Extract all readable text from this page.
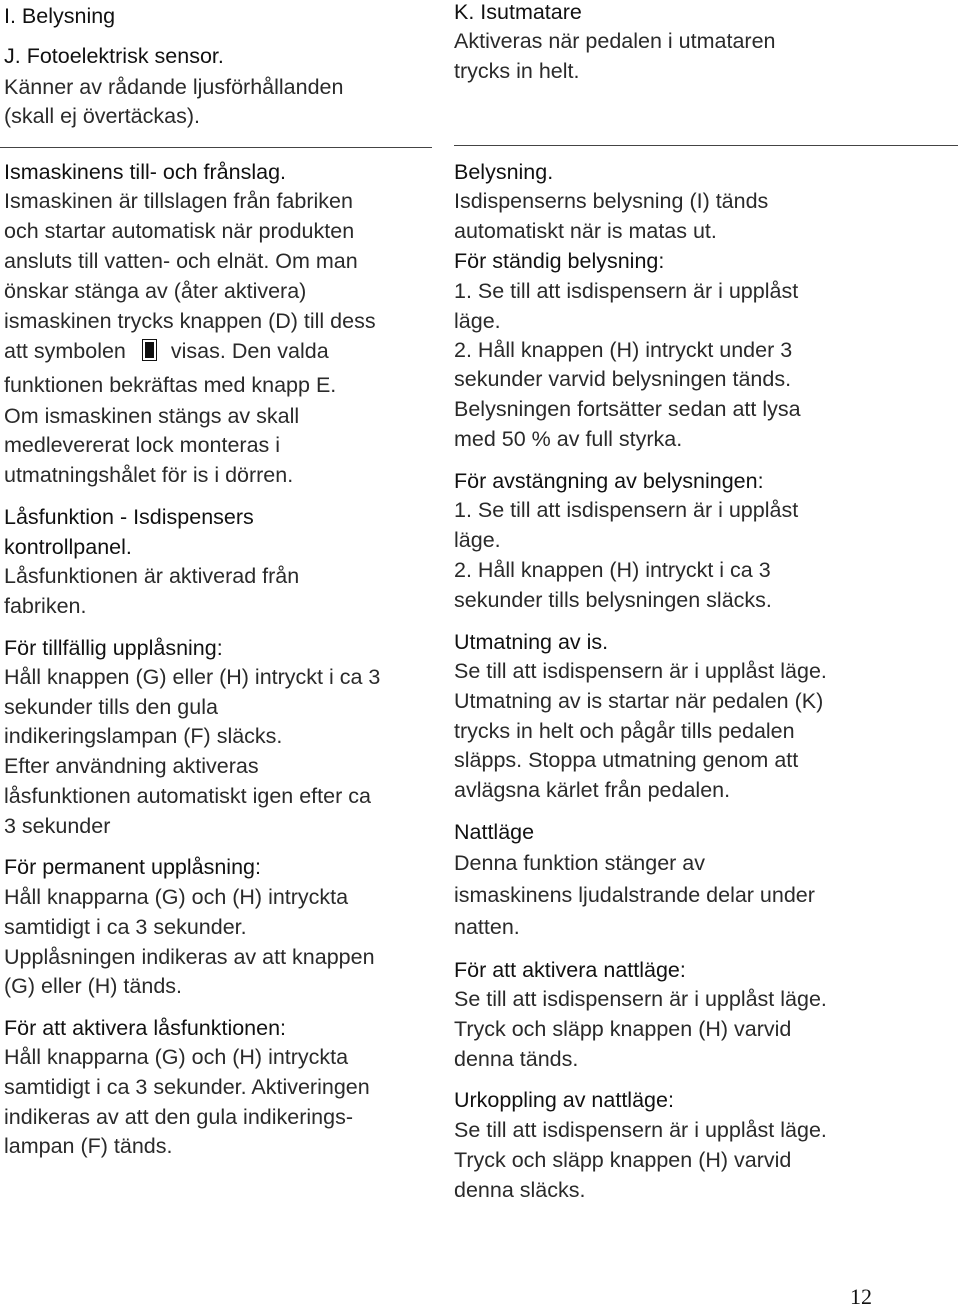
I. Belysning
J. Fotoelektrisk sensor.
Känner av rådande ljusförhållanden
(skall ej övertäckas).
Ismaskinens till- och frånslag.
Ismaskinen är tillslagen från fabriken
och startar automatisk när produkten
ansluts till vatten- och elnät. Om man
önskar stänga av (åter aktivera)
ismaskinen trycks knappen (D) till dess
att symbolen visas. Den valda
funktionen bekräftas med knapp E.
Om ismaskinen stängs av skall
medlevererat lock monteras i
utmatningshålet för is i dörren.
Låsfunktion - Isdispensers
kontrollpanel.
Låsfunktionen är aktiverad från
fabriken.
För tillfällig upplåsning:
Håll knappen (G) eller (H) intryckt i ca 3
sekunder tills den gula
indikeringslampan (F) släcks.
Efter användning aktiveras
låsfunktionen automatiskt igen efter ca
3 sekunder
För permanent upplåsning:
Håll knapparna (G) och (H) intryckta
samtidigt i ca 3 sekunder.
Upplåsningen indikeras av att knappen
(G) eller (H) tänds.
För att aktivera låsfunktionen:
Håll knapparna (G) och (H) intryckta
samtidigt i ca 3 sekunder. Aktiveringen
indikeras av att den gula indikerings-
lampan (F) tänds.
K. Isutmatare
Aktiveras när pedalen i utmataren
trycks in helt.
Belysning.
Isdispenserns belysning (I) tänds
automatiskt när is matas ut.
För ständig belysning:
1. Se till att isdispensern är i upplåst
läge.
2. Håll knappen (H) intryckt under 3
sekunder varvid belysningen tänds.
Belysningen fortsätter sedan att lysa
med 50 % av full styrka.
För avstängning av belysningen:
1. Se till att isdispensern är i upplåst
läge.
2. Håll knappen (H) intryckt i ca 3
sekunder tills belysningen släcks.
Utmatning av is.
Se till att isdispensern är i upplåst läge.
Utmatning av is startar när pedalen (K)
trycks in helt och pågår tills pedalen
släpps. Stoppa utmatning genom att
avlägsna kärlet från pedalen.
Nattläge
Denna funktion stänger av
ismaskinens ljudalstrande delar under
natten.
För att aktivera nattläge:
Se till att isdispensern är i upplåst läge.
Tryck och släpp knappen (H) varvid
denna tänds.
Urkoppling av nattläge:
Se till att isdispensern är i upplåst läge.
Tryck och släpp knappen (H) varvid
denna släcks.
12
